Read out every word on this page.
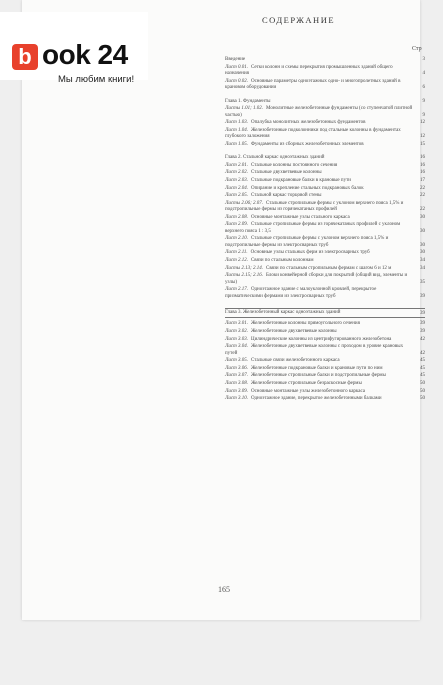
СОДЕРЖАНИЕ
Стр
Введение	3
Лист 0.01. Сетки колонн и схемы перекрытия промышленных зданий общего назначения	4
Лист 0.02. Основные параметры одноэтажных одно- и многопролетных зданий в крановом оборудовании	6
Глава 1. Фундаменты	9
Листы 1.01; 1.02. Монолитные железобетонные фундаменты (со ступенчатой плитной частью)	9
Лист 1.03. Опалубка монолитных железобетонных фундаментов	12
Лист 1.04. Железобетонные подколонники под стальные колонны в фундаментах глубокого заложения	12
Лист 1.05. Фундаменты из сборных железобетонных элементов	15
Глава 2. Стальной каркас одноэтажных зданий	16
Лист 2.01. Стальные колонны постоянного сечения	16
Лист 2.02. Стальные двухветвевые колонны	16
Лист 2.03. Стальные подкрановые балки в крановые пути	17
Лист 2.04. Опирание и крепление стальных подкрановых балок	22
Лист 2.05. Стальной каркас торцовой стены	22
Листы 2.06; 2.07. Стальные стропильные фермы с уклоном верхнего пояса 1,5% и подстропильные фермы из горячекатаных профилей	22
Лист 2.08. Основные монтажные узлы стального каркаса	30
Лист 2.09. Стальные стропильные фермы из горячекатаных профилей с уклоном верхнего пояса 1 : 3,5	30
Лист 2.10. Стальные стропильные фермы с уклоном верхнего пояса 1,5% и подстропильные фермы из электросварных труб	30
Лист 2.11. Основные узлы стальных ферм из электросварных труб	30
Лист 2.12. Связи по стальным колоннам	34
Листы 2.13; 2.14. Связи по стальным стропильным фермам с шагом 6 и 12 м	34
Листы 2.15; 2.16. Блоки конвейерной сборки для покрытий (общий вид, элементы и узлы)	35
Лист 2.17. Одноэтажное здание с малоуклонной кровлей, перекрытое призматическими фермами из электросварных труб	39
Глава 3. Железобетонный каркас одноэтажных зданий	39
Лист 3.01. Железобетонные колонны прямоугольного сечения	39
Лист 3.02. Железобетонные двухветвевые колонны	39
Лист 3.03. Цилиндрические колонны из центрифугированного железобетона	42
Лист 3.04. Железобетонные двухветвевые колонны с проходом в уровне крановых путей	42
Лист 3.05. Стальные связи железобетонного каркаса	45
Лист 3.06. Железобетонные подкрановые балки и крановые пути по ним	45
Лист 3.07. Железобетонные стропильные балки и подстропильные фермы	45
Лист 3.08. Железобетонные стропильные безраскосные фермы	50
Лист 3.09. Основные монтажные узлы железобетонного каркаса	50
Лист 3.10. Одноэтажное здание, перекрытое железобетонными балками	50
165
b ook 24
Мы любим книги!
